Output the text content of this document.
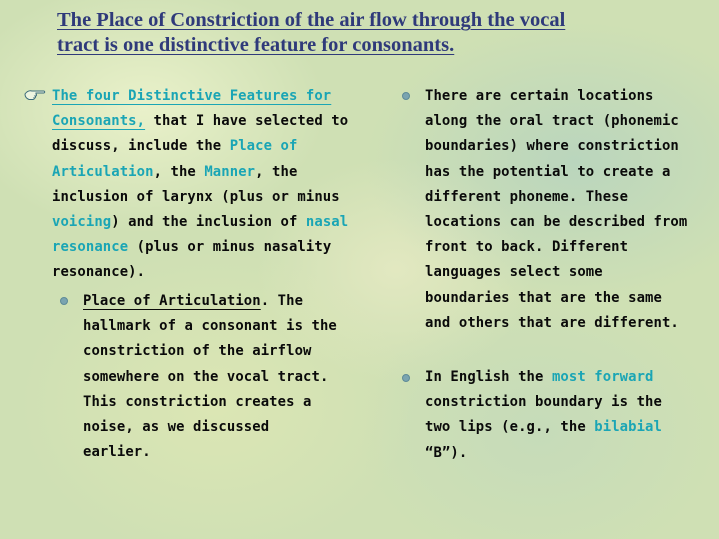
The Place of Constriction of the air flow through the vocal
tract is one distinctive feature for consonants.
The four Distinctive Features for Consonants, that I have selected to discuss, include the Place of Articulation, the Manner, the inclusion of larynx (plus or minus voicing) and the inclusion of nasal resonance (plus or minus nasality resonance).
Place of Articulation. The hallmark of a consonant is the constriction of the airflow somewhere on the vocal tract. This constriction creates a noise, as we discussed earlier.
There are certain locations along the oral tract (phonemic boundaries) where constriction has the potential to create a different phoneme. These locations can be described from front to back. Different languages select some boundaries that are the same and others that are different.
In English the most forward constriction boundary is the two lips (e.g., the bilabial “B”).
